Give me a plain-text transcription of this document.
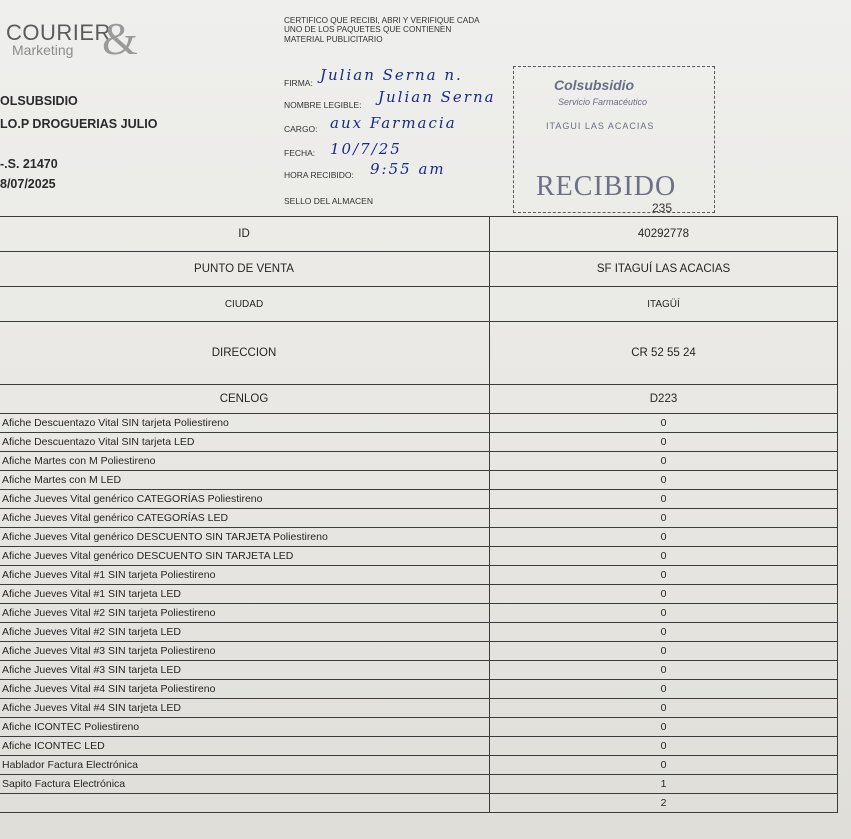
COURIER
Marketing &
OLSUBSIDIO
LO.P DROGUERIAS JULIO
-.S. 21470
8/07/2025
CERTIFICO QUE RECIBI, ABRI Y VERIFIQUE CADA UNO DE LOS PAQUETES QUE CONTIENEN MATERIAL PUBLICITARIO
FIRMA: Julian Serna n.
NOMBRE LEGIBLE: Julian Serna
CARGO: aux Farmacia
FECHA: 10/7/25
HORA RECIBIDO: 9:55 am
SELLO DEL ALMACEN
Colsubsidio
Servicio Farmacéutico
ITAGUI LAS ACACIAS
RECIBIDO
235
ID	40292778
PUNTO DE VENTA	SF ITAGUÍ LAS ACACIAS
CIUDAD	ITAGÜÍ
DIRECCION	CR 52 55 24
CENLOG	D223
Afiche Descuentazo Vital SIN tarjeta Poliestireno	0
Afiche Descuentazo Vital SIN tarjeta LED	0
Afiche Martes con M Poliestireno	0
Afiche Martes con M LED	0
Afiche Jueves Vital genérico CATEGORÍAS Poliestireno	0
Afiche Jueves Vital genérico CATEGORÍAS LED	0
Afiche Jueves Vital genérico DESCUENTO SIN TARJETA Poliestireno	0
Afiche Jueves Vital genérico DESCUENTO SIN TARJETA LED	0
Afiche Jueves Vital #1 SIN tarjeta Poliestireno	0
Afiche Jueves Vital #1 SIN tarjeta LED	0
Afiche Jueves Vital #2 SIN tarjeta Poliestireno	0
Afiche Jueves Vital #2 SIN tarjeta LED	0
Afiche Jueves Vital #3 SIN tarjeta Poliestireno	0
Afiche Jueves Vital #3 SIN tarjeta LED	0
Afiche Jueves Vital #4 SIN tarjeta Poliestireno	0
Afiche Jueves Vital #4 SIN tarjeta LED	0
Afiche ICONTEC Poliestireno	0
Afiche ICONTEC LED	0
Hablador Factura Electrónica	0
Sapito Factura Electrónica	1
	2
